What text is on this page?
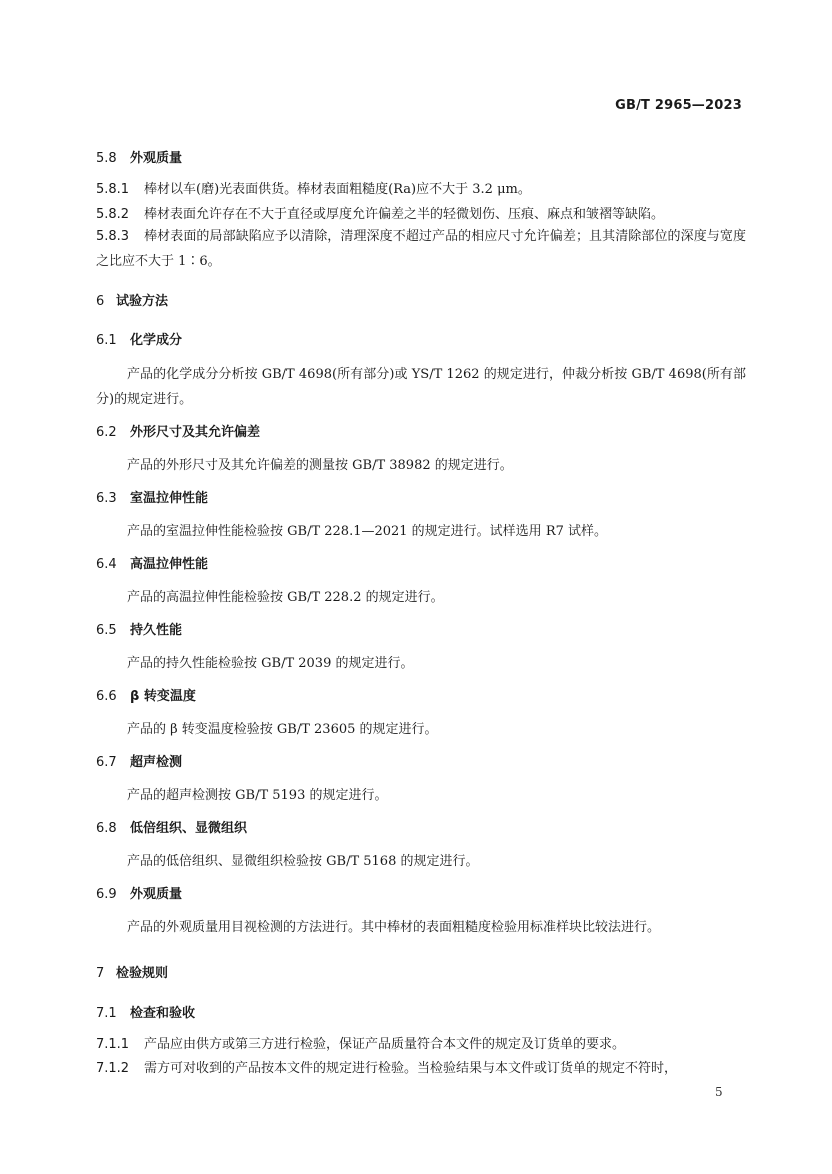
GB/T 2965—2023
5.8 外观质量
5.8.1 棒材以车(磨)光表面供货。棒材表面粗糙度(Ra)应不大于 3.2 μm。
5.8.2 棒材表面允许存在不大于直径或厚度允许偏差之半的轻微划伤、压痕、麻点和皱褶等缺陷。
5.8.3 棒材表面的局部缺陷应予以清除，清理深度不超过产品的相应尺寸允许偏差；且其清除部位的深度与宽度之比应不大于 1∶6。
6 试验方法
6.1 化学成分
产品的化学成分分析按 GB/T 4698(所有部分)或 YS/T 1262 的规定进行，仲裁分析按 GB/T 4698(所有部分)的规定进行。
6.2 外形尺寸及其允许偏差
产品的外形尺寸及其允许偏差的测量按 GB/T 38982 的规定进行。
6.3 室温拉伸性能
产品的室温拉伸性能检验按 GB/T 228.1—2021 的规定进行。试样选用 R7 试样。
6.4 高温拉伸性能
产品的高温拉伸性能检验按 GB/T 228.2 的规定进行。
6.5 持久性能
产品的持久性能检验按 GB/T 2039 的规定进行。
6.6 β 转变温度
产品的 β 转变温度检验按 GB/T 23605 的规定进行。
6.7 超声检测
产品的超声检测按 GB/T 5193 的规定进行。
6.8 低倍组织、显微组织
产品的低倍组织、显微组织检验按 GB/T 5168 的规定进行。
6.9 外观质量
产品的外观质量用目视检测的方法进行。其中棒材的表面粗糙度检验用标准样块比较法进行。
7 检验规则
7.1 检查和验收
7.1.1 产品应由供方或第三方进行检验，保证产品质量符合本文件的规定及订货单的要求。
7.1.2 需方可对收到的产品按本文件的规定进行检验。当检验结果与本文件或订货单的规定不符时，
5
